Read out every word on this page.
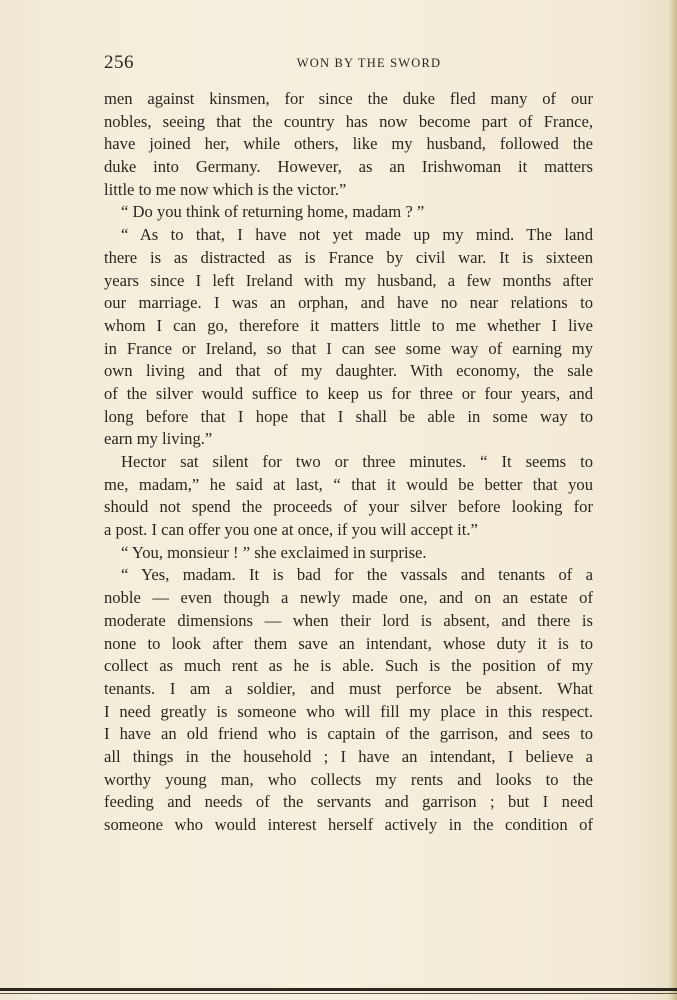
256	WON BY THE SWORD
men against kinsmen, for since the duke fled many of our
nobles, seeing that the country has now become part of France,
have joined her, while others, like my husband, followed the
duke into Germany. However, as an Irishwoman it matters
little to me now which is the victor.”
“ Do you think of returning home, madam ? ”
“ As to that, I have not yet made up my mind. The land
there is as distracted as is France by civil war. It is sixteen
years since I left Ireland with my husband, a few months after
our marriage. I was an orphan, and have no near relations to
whom I can go, therefore it matters little to me whether I live
in France or Ireland, so that I can see some way of earning my
own living and that of my daughter. With economy, the sale
of the silver would suffice to keep us for three or four years, and
long before that I hope that I shall be able in some way to
earn my living.”
Hector sat silent for two or three minutes. “ It seems to
me, madam,” he said at last, “ that it would be better that you
should not spend the proceeds of your silver before looking for
a post. I can offer you one at once, if you will accept it.”
“ You, monsieur ! ” she exclaimed in surprise.
“ Yes, madam. It is bad for the vassals and tenants of a
noble — even though a newly made one, and on an estate of
moderate dimensions — when their lord is absent, and there is
none to look after them save an intendant, whose duty it is to
collect as much rent as he is able. Such is the position of my
tenants. I am a soldier, and must perforce be absent. What
I need greatly is someone who will fill my place in this respect.
I have an old friend who is captain of the garrison, and sees to
all things in the household ; I have an intendant, I believe a
worthy young man, who collects my rents and looks to the
feeding and needs of the servants and garrison ; but I need
someone who would interest herself actively in the condition of
